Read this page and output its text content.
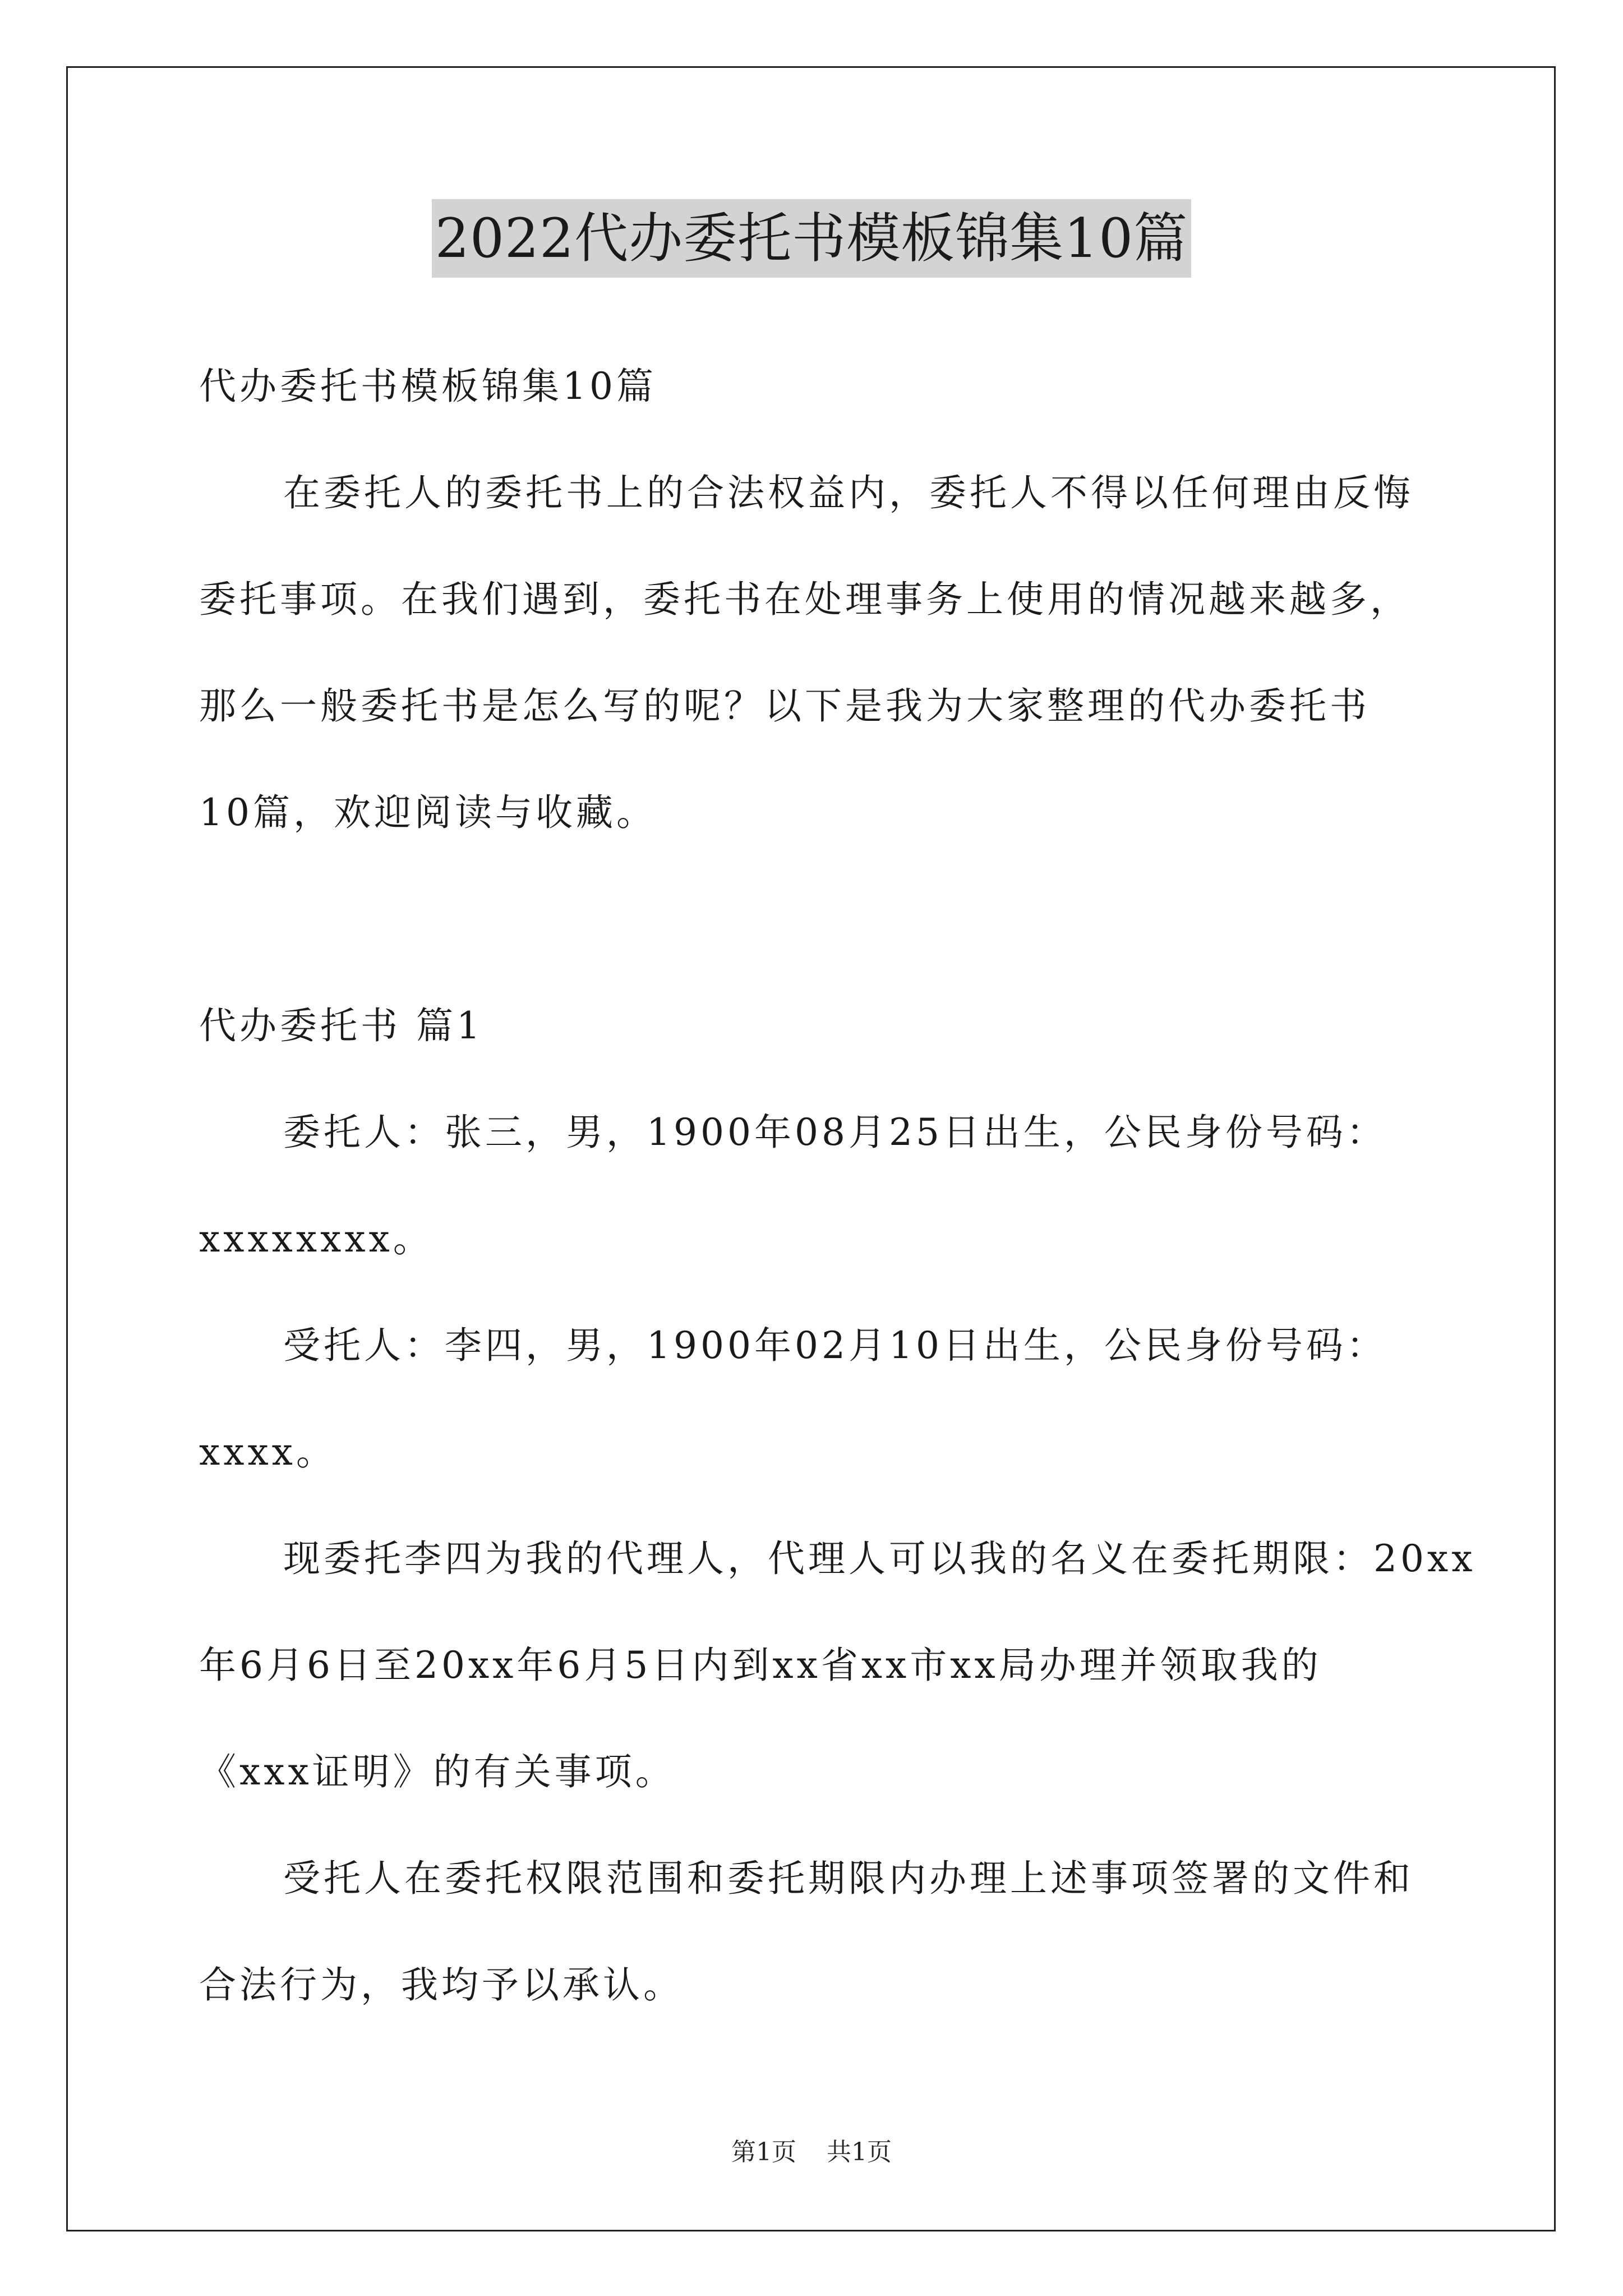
2022代办委托书模板锦集10篇
代办委托书模板锦集10篇
在委托人的委托书上的合法权益内，委托人不得以任何理由反悔
委托事项。在我们遇到，委托书在处理事务上使用的情况越来越多，
那么一般委托书是怎么写的呢？以下是我为大家整理的代办委托书
10篇，欢迎阅读与收藏。
代办委托书 篇1
委托人：张三，男，1900年08月25日出生，公民身份号码：
xxxxxxxx。
受托人：李四，男，1900年02月10日出生，公民身份号码：
xxxx。
现委托李四为我的代理人，代理人可以我的名义在委托期限：20xx
年6月6日至20xx年6月5日内到xx省xx市xx局办理并领取我的
《xxx证明》的有关事项。
受托人在委托权限范围和委托期限内办理上述事项签署的文件和
合法行为，我均予以承认。
第1页 共1页
